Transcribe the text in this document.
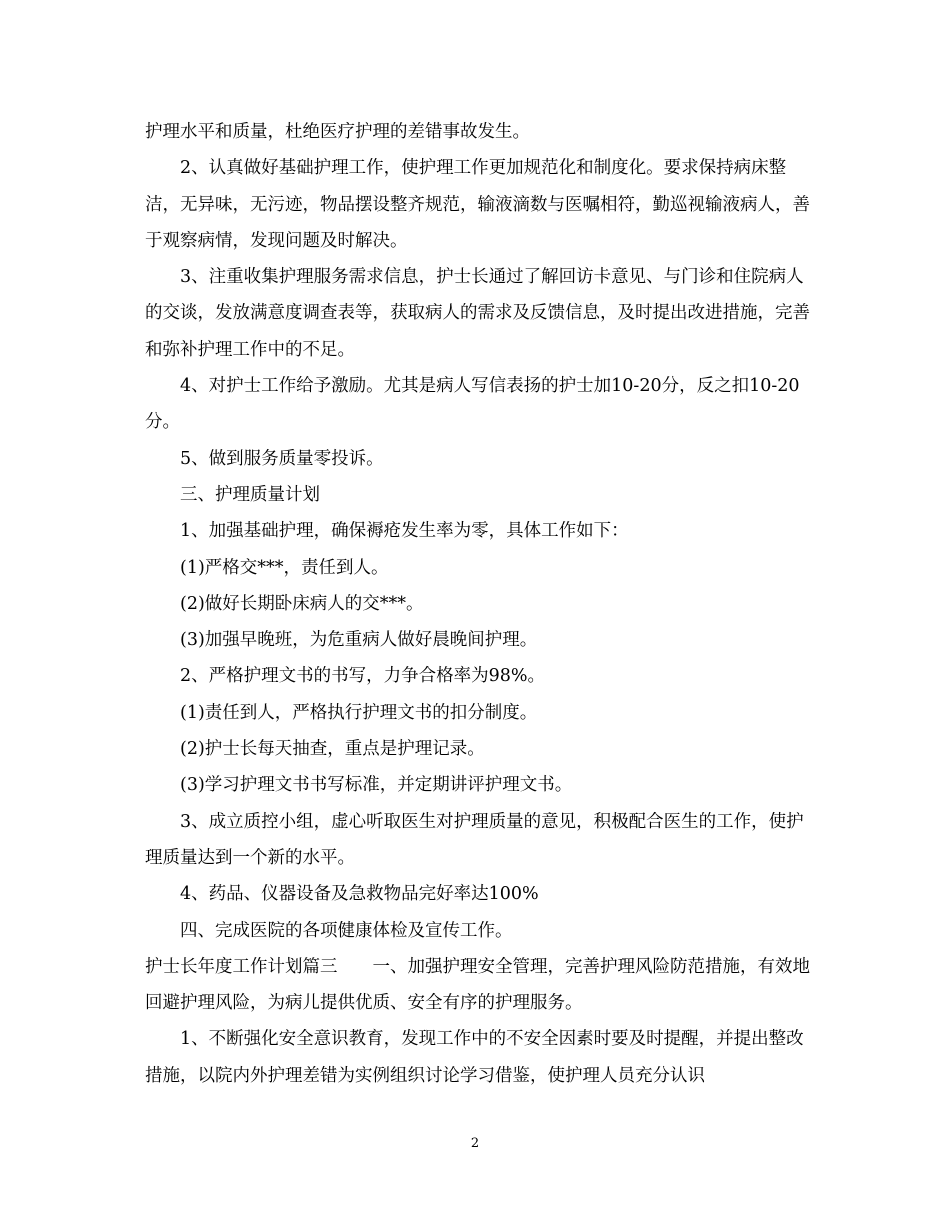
护理水平和质量，杜绝医疗护理的差错事故发生。

2、认真做好基础护理工作，使护理工作更加规范化和制度化。要求保持病床整洁，无异味，无污迹，物品摆设整齐规范，输液滴数与医嘱相符，勤巡视输液病人，善于观察病情，发现问题及时解决。

3、注重收集护理服务需求信息，护士长通过了解回访卡意见、与门诊和住院病人的交谈，发放满意度调查表等，获取病人的需求及反馈信息，及时提出改进措施，完善和弥补护理工作中的不足。

4、对护士工作给予激励。尤其是病人写信表扬的护士加10-20分，反之扣10-20分。

5、做到服务质量零投诉。

三、护理质量计划

1、加强基础护理，确保褥疮发生率为零，具体工作如下：

(1)严格交***，责任到人。

(2)做好长期卧床病人的交***。

(3)加强早晚班，为危重病人做好晨晚间护理。

2、严格护理文书的书写，力争合格率为98%。

(1)责任到人，严格执行护理文书的扣分制度。

(2)护士长每天抽查，重点是护理记录。

(3)学习护理文书书写标准，并定期讲评护理文书。

3、成立质控小组，虚心听取医生对护理质量的意见，积极配合医生的工作，使护理质量达到一个新的水平。

4、药品、仪器设备及急救物品完好率达100%

四、完成医院的各项健康体检及宣传工作。

护士长年度工作计划篇三　　一、加强护理安全管理，完善护理风险防范措施，有效地回避护理风险，为病儿提供优质、安全有序的护理服务。

1、不断强化安全意识教育，发现工作中的不安全因素时要及时提醒，并提出整改措施，以院内外护理差错为实例组织讨论学习借鉴，使护理人员充分认识

2
